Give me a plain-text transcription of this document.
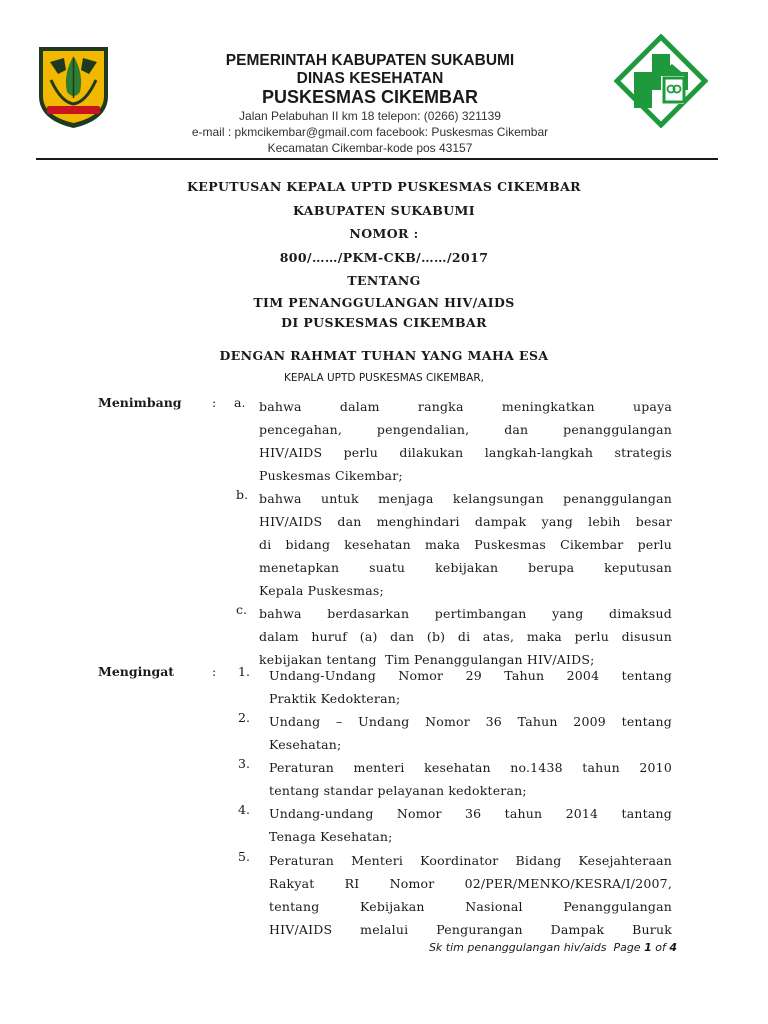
PEMERINTAH KABUPATEN SUKABUMI
DINAS KESEHATAN
PUSKESMAS CIKEMBAR
Jalan Pelabuhan II km 18 telepon: (0266) 321139
e-mail : pkmcikembar@gmail.com facebook: Puskesmas Cikembar
Kecamatan Cikembar-kode pos 43157
KEPUTUSAN KEPALA UPTD PUSKESMAS CIKEMBAR
KABUPATEN SUKABUMI
NOMOR :
800/……/PKM-CKB/……/2017
TENTANG
TIM PENANGGULANGAN HIV/AIDS
DI PUSKESMAS CIKEMBAR
DENGAN RAHMAT TUHAN YANG MAHA ESA
KEPALA UPTD PUSKESMAS CIKEMBAR,
Menimbang : a. bahwa dalam rangka meningkatkan upaya
pencegahan, pengendalian, dan penanggulangan
HIV/AIDS perlu dilakukan langkah-langkah strategis
Puskesmas Cikembar;
b. bahwa untuk menjaga kelangsungan penanggulangan
HIV/AIDS dan menghindari dampak yang lebih besar
di bidang kesehatan maka Puskesmas Cikembar perlu
menetapkan suatu kebijakan berupa keputusan
Kepala Puskesmas;
c. bahwa berdasarkan pertimbangan yang dimaksud
dalam huruf (a) dan (b) di atas, maka perlu disusun
kebijakan tentang  Tim Penanggulangan HIV/AIDS;
Mengingat	: 1. Undang-Undang Nomor 29 Tahun 2004 tentang
Praktik Kedokteran;
2. Undang – Undang Nomor 36 Tahun 2009 tentang
Kesehatan;
3. Peraturan menteri kesehatan no.1438 tahun 2010
tentang standar pelayanan kedokteran;
4. Undang-undang Nomor 36 tahun 2014 tantang
Tenaga Kesehatan;
5. Peraturan Menteri Koordinator Bidang Kesejahteraan
Rakyat RI Nomor 02/PER/MENKO/KESRA/I/2007,
tentang Kebijakan Nasional Penanggulangan
HIV/AIDS melalui Pengurangan Dampak Buruk
Sk tim penanggulangan hiv/aids  Page 1 of 4
